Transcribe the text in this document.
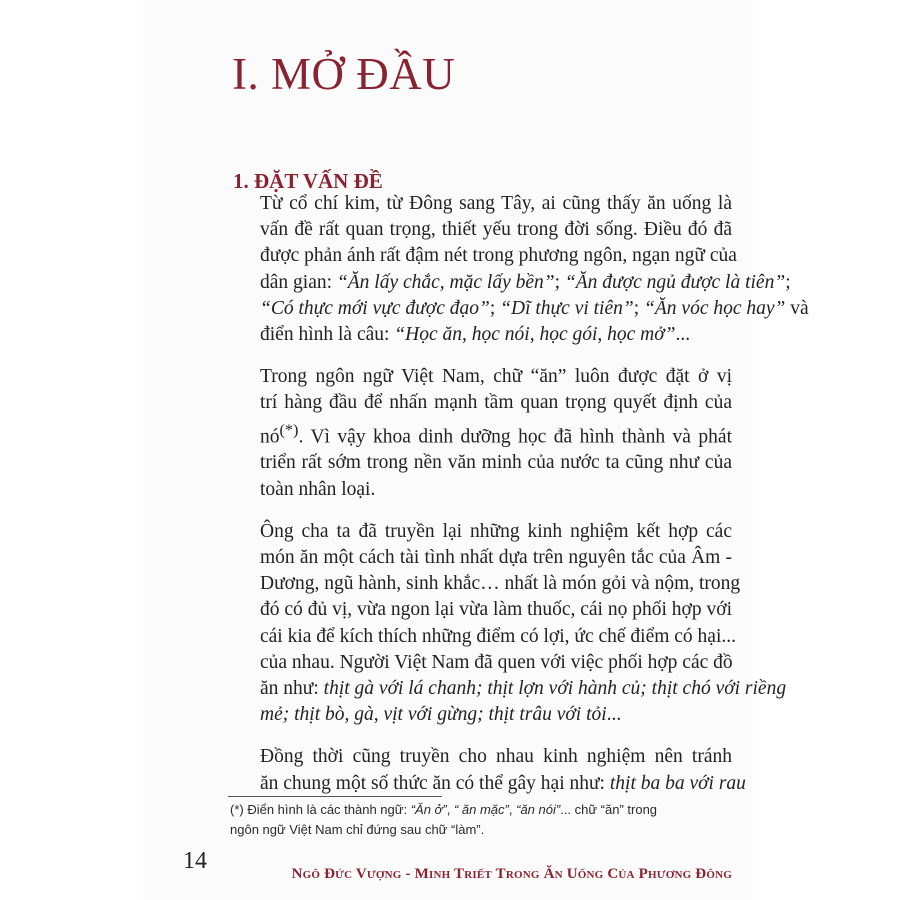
I. MỞ ĐẦU
1. ĐẶT VẤN ĐỀ

Từ cổ chí kim, từ Đông sang Tây, ai cũng thấy ăn uống là
vấn đề rất quan trọng, thiết yếu trong đời sống. Điều đó đã
được phản ánh rất đậm nét trong phương ngôn, ngạn ngữ của
dân gian: “Ăn lấy chắc, mặc lấy bền”; “Ăn được ngủ được là tiên”;
“Có thực mới vực được đạo”; “Dĩ thực vi tiên”; “Ăn vóc học hay” và
điển hình là câu: “Học ăn, học nói, học gói, học mở”...

Trong ngôn ngữ Việt Nam, chữ “ăn” luôn được đặt ở vị
trí hàng đầu để nhấn mạnh tầm quan trọng quyết định của
nó(*). Vì vậy khoa dinh dưỡng học đã hình thành và phát
triển rất sớm trong nền văn minh của nước ta cũng như của
toàn nhân loại.

Ông cha ta đã truyền lại những kinh nghiệm kết hợp các
món ăn một cách tài tình nhất dựa trên nguyên tắc của Âm -
Dương, ngũ hành, sinh khắc… nhất là món gỏi và nộm, trong
đó có đủ vị, vừa ngon lại vừa làm thuốc, cái nọ phối hợp với
cái kia để kích thích những điểm có lợi, ức chế điểm có hại...
của nhau. Người Việt Nam đã quen với việc phối hợp các đồ
ăn như: thịt gà với lá chanh; thịt lợn với hành củ; thịt chó với riềng
mẻ; thịt bò, gà, vịt với gừng; thịt trâu với tỏi...

Đồng thời cũng truyền cho nhau kinh nghiệm nên tránh
ăn chung một số thức ăn có thể gây hại như: thịt ba ba với rau

(*) Điển hình là các thành ngữ: “Ăn ở”, “ ăn mặc”, “ăn nói”... chữ “ăn” trong
ngôn ngữ Việt Nam chỉ đứng sau chữ “làm”.
14	Ngô Đức Vượng - Minh Triết Trong Ăn Uống Của Phương Đông
